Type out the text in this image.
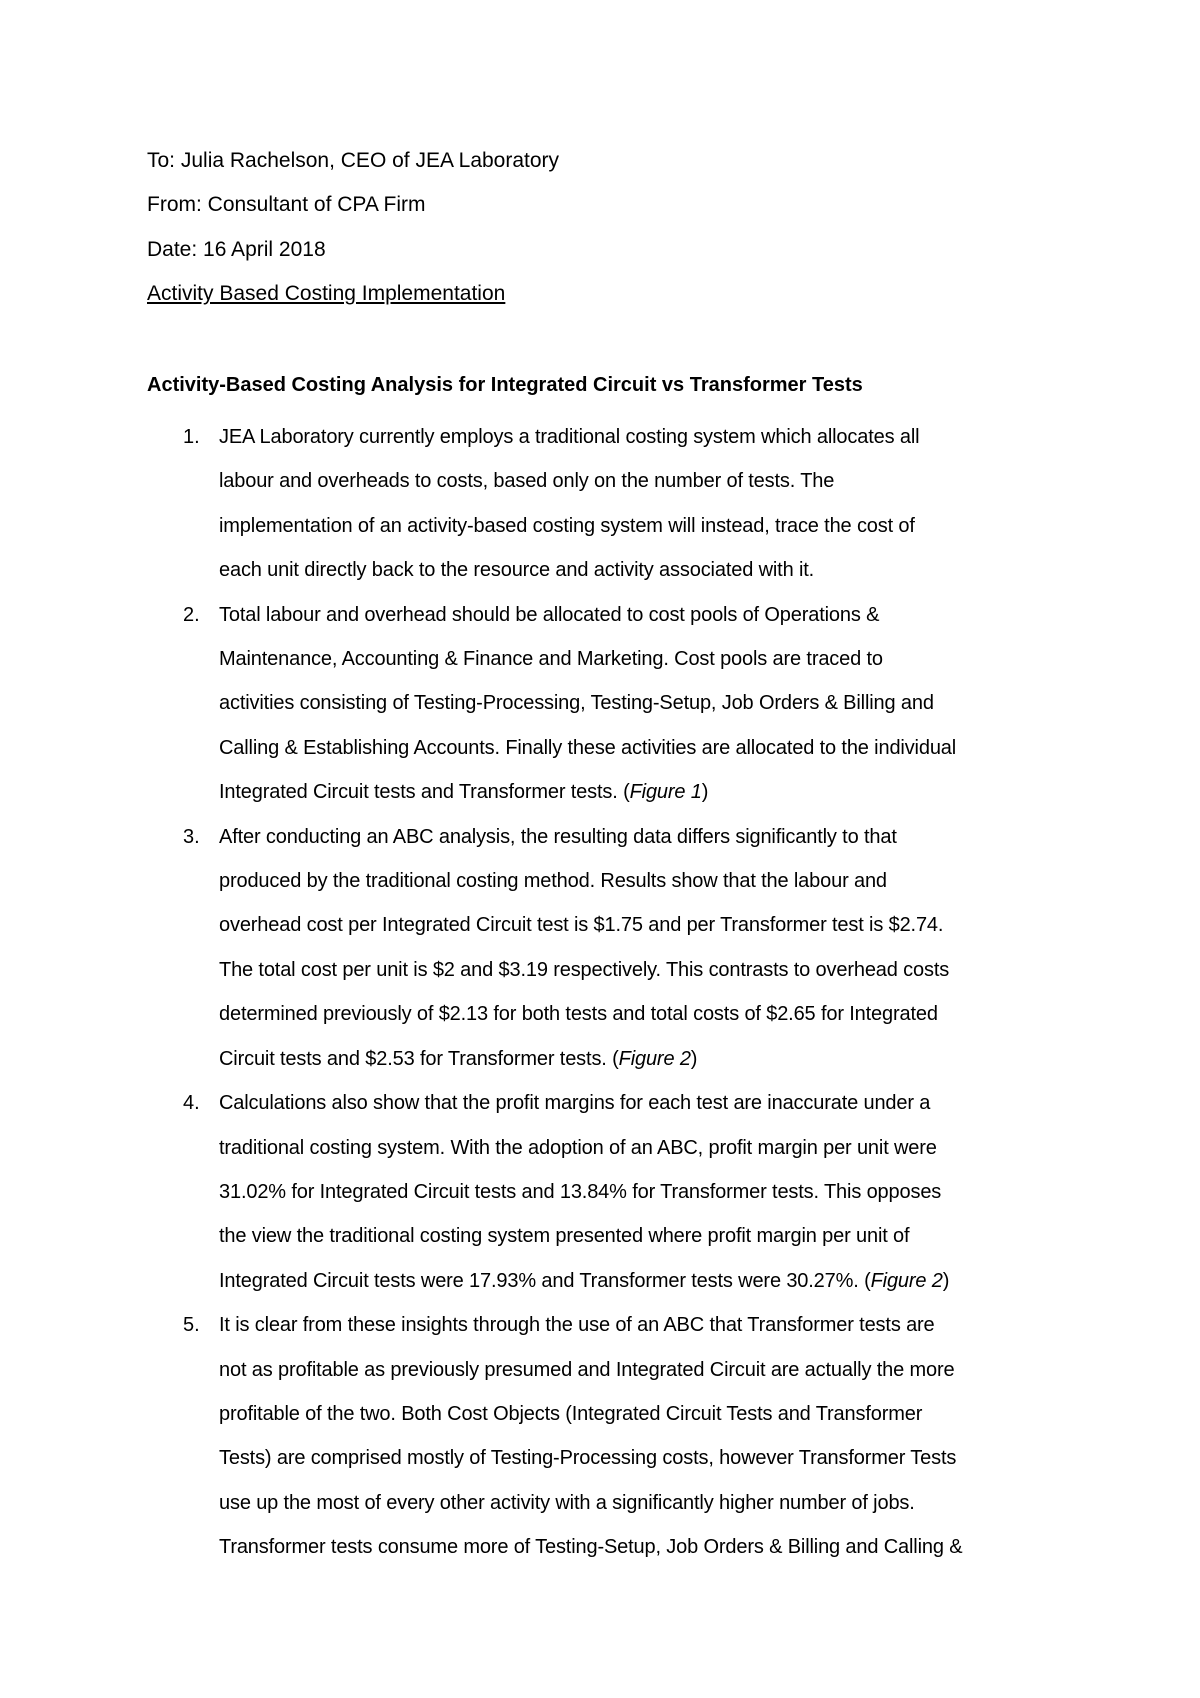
To: Julia Rachelson, CEO of JEA Laboratory
From: Consultant of CPA Firm
Date: 16 April 2018
Activity Based Costing Implementation
Activity-Based Costing Analysis for Integrated Circuit vs Transformer Tests
1. JEA Laboratory currently employs a traditional costing system which allocates all
labour and overheads to costs, based only on the number of tests. The
implementation of an activity-based costing system will instead, trace the cost of
each unit directly back to the resource and activity associated with it.
2. Total labour and overhead should be allocated to cost pools of Operations &
Maintenance, Accounting & Finance and Marketing. Cost pools are traced to
activities consisting of Testing-Processing, Testing-Setup, Job Orders & Billing and
Calling & Establishing Accounts. Finally these activities are allocated to the individual
Integrated Circuit tests and Transformer tests. (Figure 1)
3. After conducting an ABC analysis, the resulting data differs significantly to that
produced by the traditional costing method. Results show that the labour and
overhead cost per Integrated Circuit test is $1.75 and per Transformer test is $2.74.
The total cost per unit is $2 and $3.19 respectively. This contrasts to overhead costs
determined previously of $2.13 for both tests and total costs of $2.65 for Integrated
Circuit tests and $2.53 for Transformer tests. (Figure 2)
4. Calculations also show that the profit margins for each test are inaccurate under a
traditional costing system. With the adoption of an ABC, profit margin per unit were
31.02% for Integrated Circuit tests and 13.84% for Transformer tests. This opposes
the view the traditional costing system presented where profit margin per unit of
Integrated Circuit tests were 17.93% and Transformer tests were 30.27%. (Figure 2)
5. It is clear from these insights through the use of an ABC that Transformer tests are
not as profitable as previously presumed and Integrated Circuit are actually the more
profitable of the two. Both Cost Objects (Integrated Circuit Tests and Transformer
Tests) are comprised mostly of Testing-Processing costs, however Transformer Tests
use up the most of every other activity with a significantly higher number of jobs.
Transformer tests consume more of Testing-Setup, Job Orders & Billing and Calling &
